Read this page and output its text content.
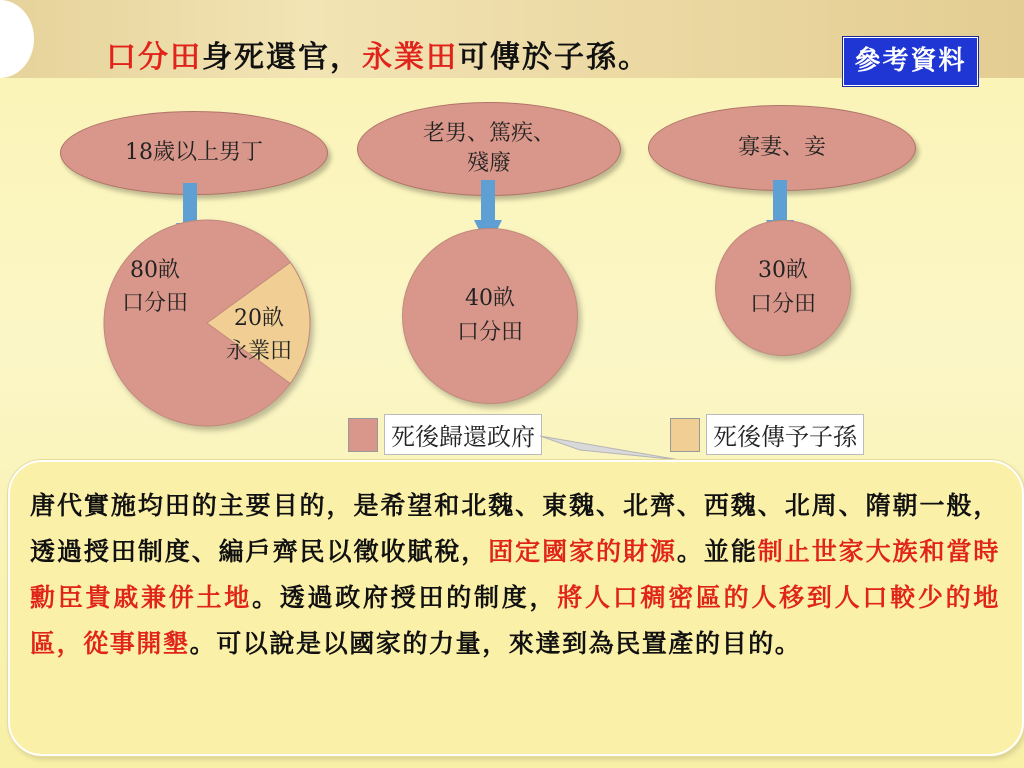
口分田身死還官，永業田可傳於子孫。	參考資料
18歲以上男丁
80畝
口分田
20畝
永業田
老男、篤疾、
殘廢
40畝
口分田
寡妻、妾
30畝
口分田
死後歸還政府	死後傳予子孫
唐代實施均田的主要目的，是希望和北魏、東魏、北齊、西魏、北周、隋朝一般，透過授田制度、編戶齊民以徵收賦稅，固定國家的財源。並能制止世家大族和當時勳臣貴戚兼併土地。透過政府授田的制度，將人口稠密區的人移到人口較少的地區，從事開墾。可以說是以國家的力量，來達到為民置產的目的。
